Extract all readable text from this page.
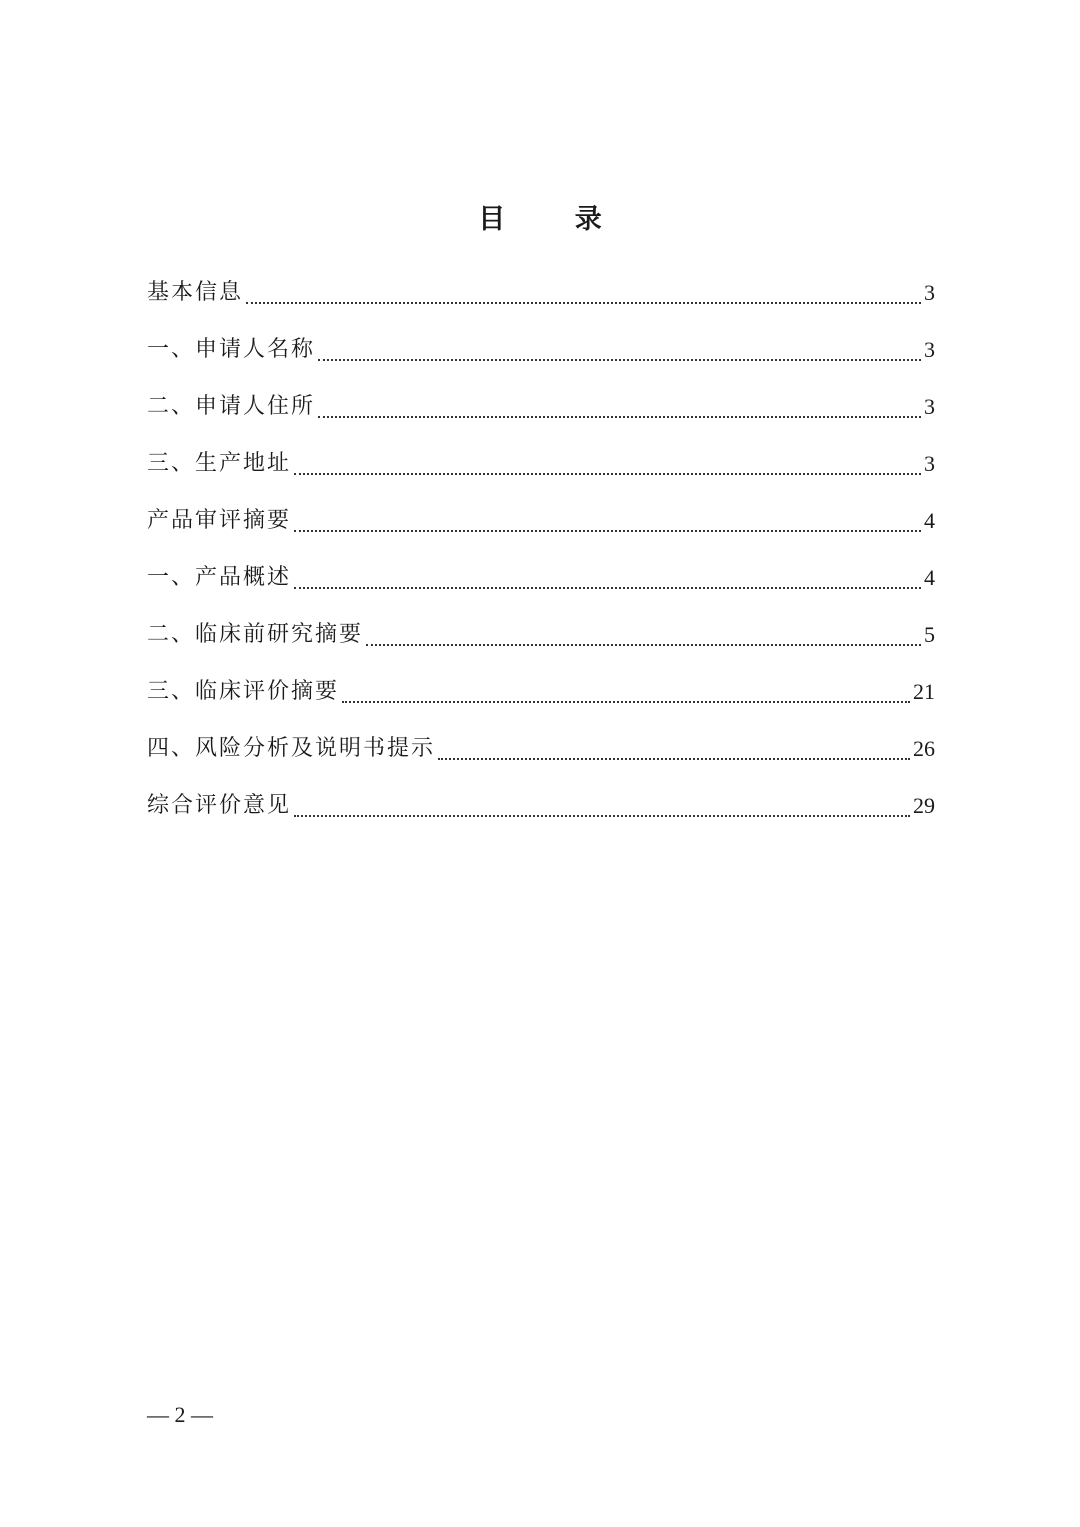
目 录
基本信息	3
一、申请人名称	3
二、申请人住所	3
三、生产地址	3
产品审评摘要	4
一、产品概述	4
二、临床前研究摘要	5
三、临床评价摘要	21
四、风险分析及说明书提示	26
综合评价意见	29
— 2 —
